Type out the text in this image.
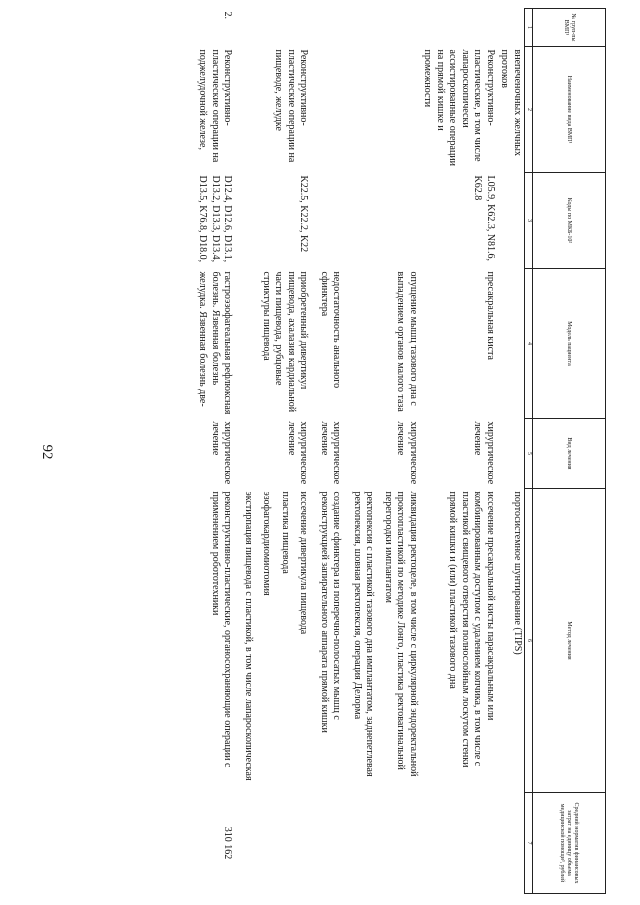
92
№ груп-пы ВМП¹	Наименование вида ВМП¹	Коды по МКБ-10²	Модель пациента	Вид лечения	Метод лечения	Средний норматив финансовых затрат на единицу объема медицинской помощи³, рублей
1	2	3	4	5	6	7
	внепеченочных желчных протоков				портосистемное шунтирование (TIPS)	

	Реконструктивно-пластические, в том числе лапароскопически ассистированные операции на прямой кишке и промежности	L05.9, K62.3, N81.6, K62.8	пресакральная киста	хирургическое лечение	иссечение пресакральной кисты парасакральным или комбинированным доступом с удалением копчика, в том числе с пластикой свищевого отверстия полнослойным лоскутом стенки прямой кишки и (или) пластикой тазового дна	

			опущение мышц тазового дна с выпадением органов малого таза	хирургическое лечение	ликвидация ректоцеле, в том числе с циркулярной эндоректальной проктопластикой по методике Лонго, пластика ректовагинальной перегородки имплантатом
ректопексия с пластикой тазового дна имплантатом, заднепетлевая ректопексия, шовная ректопексия, операция Делорма	

			недостаточность анального сфинктера	хирургическое лечение	создание сфинктера из поперечно-полосатых мышц с реконструкцией запирательного аппарата прямой кишки	

	Реконструктивно-пластические операции на пищеводе, желудке	K22.5, K22.2, K22	приобретенный дивертикул пищевода, ахалазия кардиальной части пищевода, рубцовые стриктуры пищевода	хирургическое лечение	иссечение дивертикула пищевода
пластика пищевода
эзофагокардиомиотомия
экстирпация пищевода с пластикой, в том числе лапароскопическая	

2.	Реконструктивно-пластические операции на поджелудочной железе,	D12.4, D12.6, D13.1, D13.2, D13.3, D13.4, D13.5, K76.8, D18.0,	гастроэзофагеальная рефлюксная болезнь. Язвенная болезнь желудка. Язвенная болезнь две-	хирургическое лечение	реконструктивно-пластические, органосохраняющие операции с применением робототехники	310 162
